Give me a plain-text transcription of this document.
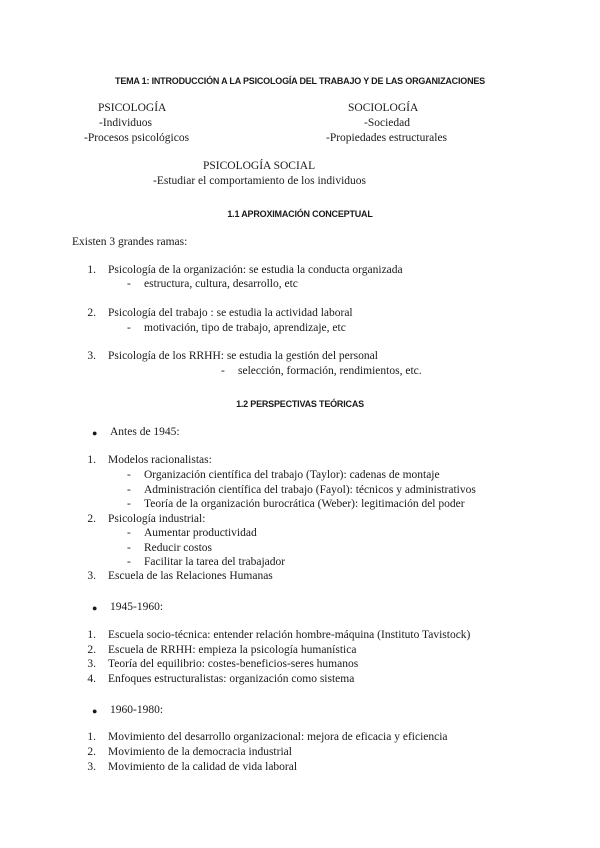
TEMA 1: INTRODUCCIÓN A LA PSICOLOGÍA DEL TRABAJO Y DE LAS ORGANIZACIONES
PSICOLOGÍA
-Individuos
-Procesos psicológicos
SOCIOLOGÍA
-Sociedad
-Propiedades estructurales
PSICOLOGÍA SOCIAL
-Estudiar el comportamiento de los individuos
1.1 APROXIMACIÓN CONCEPTUAL
Existen 3 grandes ramas:
1. Psicología de la organización: se estudia la conducta organizada
- estructura, cultura, desarrollo, etc
2. Psicología del trabajo : se estudia la actividad laboral
- motivación, tipo de trabajo, aprendizaje, etc
3. Psicología de los RRHH: se estudia la gestión del personal
- selección, formación, rendimientos, etc.
1.2 PERSPECTIVAS TEÓRICAS
● Antes de 1945:
1. Modelos racionalistas:
- Organización científica del trabajo (Taylor): cadenas de montaje
- Administración científica del trabajo (Fayol): técnicos y administrativos
- Teoría de la organización burocrática (Weber): legitimación del poder
2. Psicología industrial:
- Aumentar productividad
- Reducir costos
- Facilitar la tarea del trabajador
3. Escuela de las Relaciones Humanas
● 1945-1960:
1. Escuela socio-técnica: entender relación hombre-máquina (Instituto Tavistock)
2. Escuela de RRHH: empieza la psicología humanística
3. Teoría del equilibrio: costes-beneficios-seres humanos
4. Enfoques estructuralistas: organización como sistema
● 1960-1980:
1. Movimiento del desarrollo organizacional: mejora de eficacia y eficiencia
2. Movimiento de la democracia industrial
3. Movimiento de la calidad de vida laboral
